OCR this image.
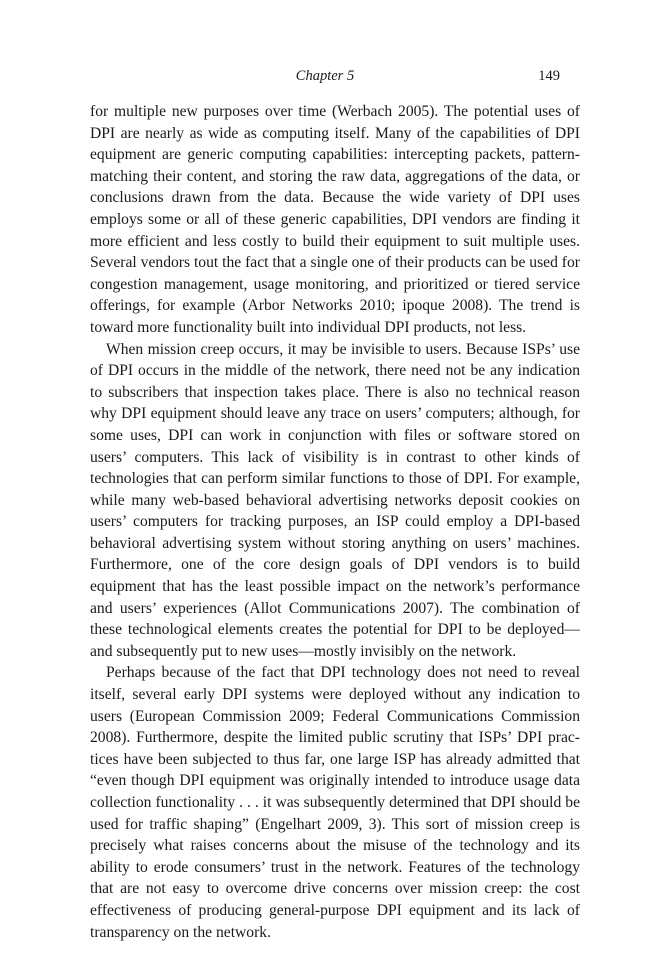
Chapter 5	149

for multiple new purposes over time (Werbach 2005). The potential uses of DPI are nearly as wide as computing itself. Many of the capabilities of DPI equipment are generic computing capabilities: intercepting packets, pattern-matching their content, and storing the raw data, aggregations of the data, or conclusions drawn from the data. Because the wide variety of DPI uses employs some or all of these generic capabilities, DPI vendors are finding it more efficient and less costly to build their equipment to suit multiple uses. Several vendors tout the fact that a single one of their products can be used for congestion management, usage monitoring, and prioritized or tiered service offerings, for example (Arbor Networks 2010; ipoque 2008). The trend is toward more functionality built into individual DPI products, not less.

When mission creep occurs, it may be invisible to users. Because ISPs’ use of DPI occurs in the middle of the network, there need not be any indication to subscribers that inspection takes place. There is also no technical reason why DPI equipment should leave any trace on users’ computers; although, for some uses, DPI can work in conjunction with files or software stored on users’ computers. This lack of visibility is in contrast to other kinds of technologies that can perform similar functions to those of DPI. For example, while many web-based behavioral advertising networks deposit cookies on users’ computers for tracking purposes, an ISP could employ a DPI-based behavioral advertising system without storing anything on users’ machines. Furthermore, one of the core design goals of DPI vendors is to build equipment that has the least possible impact on the network’s performance and users’ experiences (Allot Communications 2007). The combination of these technological elements creates the potential for DPI to be deployed—and subsequently put to new uses—mostly invisibly on the network.

Perhaps because of the fact that DPI technology does not need to reveal itself, several early DPI systems were deployed without any indication to users (European Commission 2009; Federal Communications Commission 2008). Furthermore, despite the limited public scrutiny that ISPs’ DPI practices have been subjected to thus far, one large ISP has already admitted that “even though DPI equipment was originally intended to introduce usage data collection functionality . . . it was subsequently determined that DPI should be used for traffic shaping” (Engelhart 2009, 3). This sort of mission creep is precisely what raises concerns about the misuse of the technology and its ability to erode consumers’ trust in the network. Features of the technology that are not easy to overcome drive concerns over mission creep: the cost effectiveness of producing general-purpose DPI equipment and its lack of transparency on the network.
